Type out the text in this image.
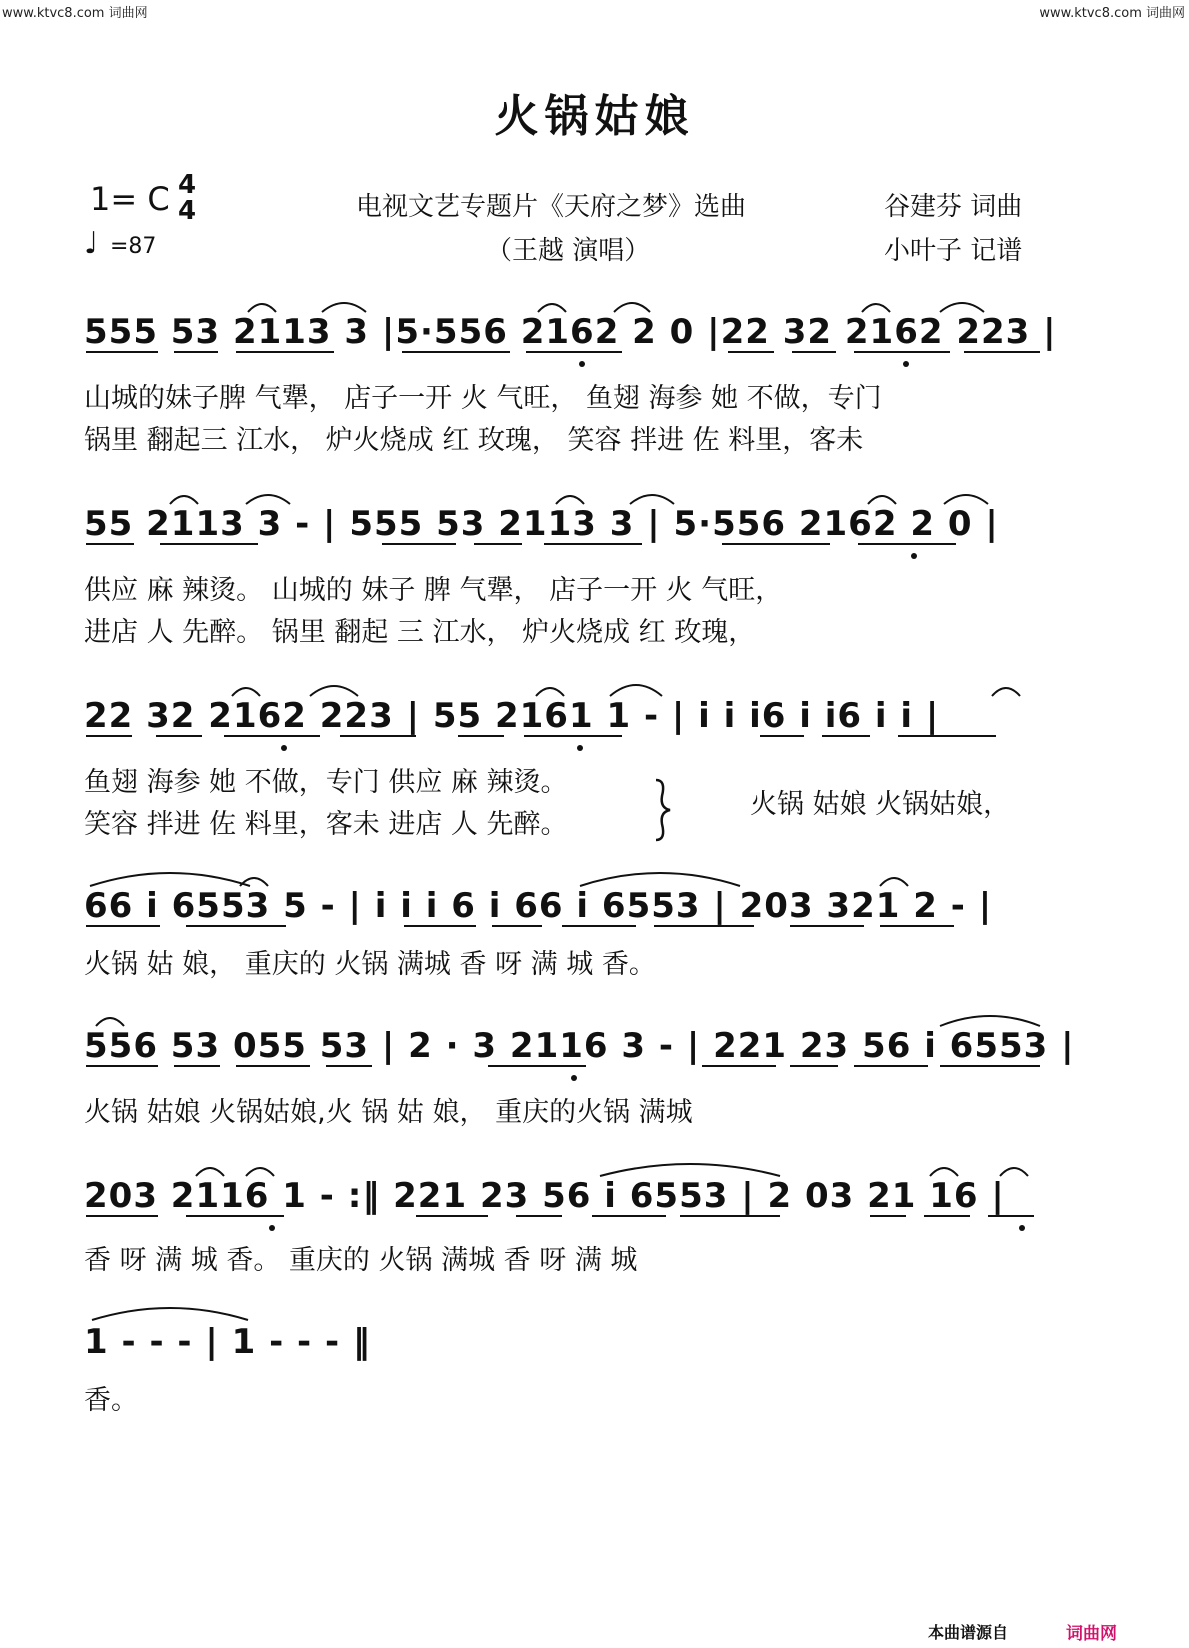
www.ktvc8.com 词曲网	www.ktvc8.com 词曲网
火锅姑娘
1= C 4
4
♩ =87
电视文艺专题片《天府之梦》选曲
（王越 演唱）
谷建芬 词曲
小叶子 记谱
555 53 2113 3 |5·556 2162 2 0 |22 32 2162 223 |
山城的妹子脾 气犟， 店子一开 火 气旺， 鱼翅 海参 她 不做，专门
锅里 翻起三 江水， 炉火烧成 红 玫瑰， 笑容 拌进 佐 料里，客未
55 2113 3 - | 555 53 2113 3 | 5·556 2162 2 0 |
供应 麻 辣烫。 山城的 妹子 脾 气犟， 店子一开 火 气旺，
进店 人 先醉。 锅里 翻起 三 江水， 炉火烧成 红 玫瑰，
22 32 2162 223 | 55 2161 1 - | i i i6 i i6 i i |
鱼翅 海参 她 不做，专门 供应 麻 辣烫。
笑容 拌进 佐 料里，客未 进店 人 先醉。
火锅 姑娘 火锅姑娘，
66 i 6553 5 - | i i i 6 i 66 i 6553 | 203 321 2 - |
火锅 姑 娘， 重庆的 火锅 满城 香 呀 满 城 香。
556 53 055 53 | 2 · 3 2116 3 - | 221 23 56 i 6553 |
火锅 姑娘 火锅姑娘,火 锅 姑 娘， 重庆的火锅 满城
203 2116 1 - :‖ 221 23 56 i 6553 | 2 03 21 16 |
香 呀 满 城 香。 重庆的 火锅 满城 香 呀 满 城
1 - - - | 1 - - - ‖
香。
本曲谱源自	词曲网
